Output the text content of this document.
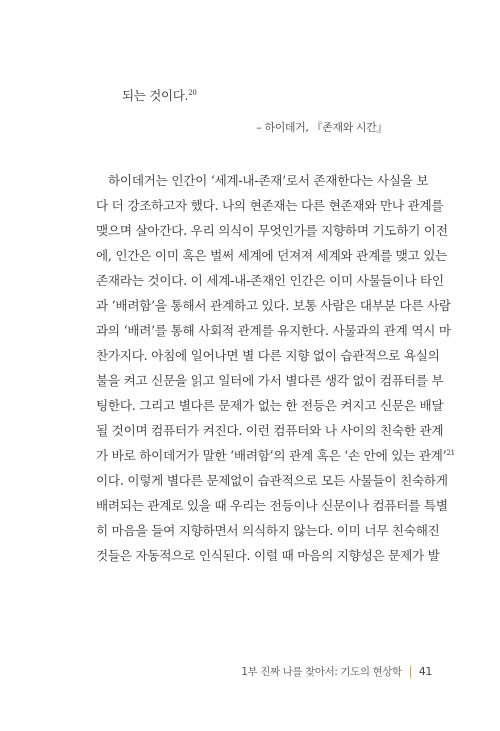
되는 것이다.$^{20}$
– 하이데거, 『존재와 시간』
하이데거는 인간이 ‘세계-내-존재’로서 존재한다는 사실을 보
다 더 강조하고자 했다. 나의 현존재는 다른 현존재와 만나 관계를
맺으며 살아간다. 우리 의식이 무엇인가를 지향하며 기도하기 이전
에, 인간은 이미 혹은 벌써 세계에 던져져 세계와 관계를 맺고 있는
존재라는 것이다. 이 세계-내-존재인 인간은 이미 사물들이나 타인
과 ‘배려함’을 통해서 관계하고 있다. 보통 사람은 대부분 다른 사람
과의 ‘배려’를 통해 사회적 관계를 유지한다. 사물과의 관계 역시 마
찬가지다. 아침에 일어나면 별 다른 지향 없이 습관적으로 욕실의
불을 켜고 신문을 읽고 일터에 가서 별다른 생각 없이 컴퓨터를 부
팅한다. 그리고 별다른 문제가 없는 한 전등은 켜지고 신문은 배달
될 것이며 컴퓨터가 켜진다. 이런 컴퓨터와 나 사이의 친숙한 관계
가 바로 하이데거가 말한 ‘배려함’의 관계 혹은 ‘손 안에 있는 관계’$^{21}$
이다. 이렇게 별다른 문제없이 습관적으로 모든 사물들이 친숙하게
배려되는 관계로 있을 때 우리는 전등이나 신문이나 컴퓨터를 특별
히 마음을 들여 지향하면서 의식하지 않는다. 이미 너무 친숙해진
것들은 자동적으로 인식된다. 이럴 때 마음의 지향성은 문제가 발
1부 진짜 나를 찾아서: 기도의 현상학 41
